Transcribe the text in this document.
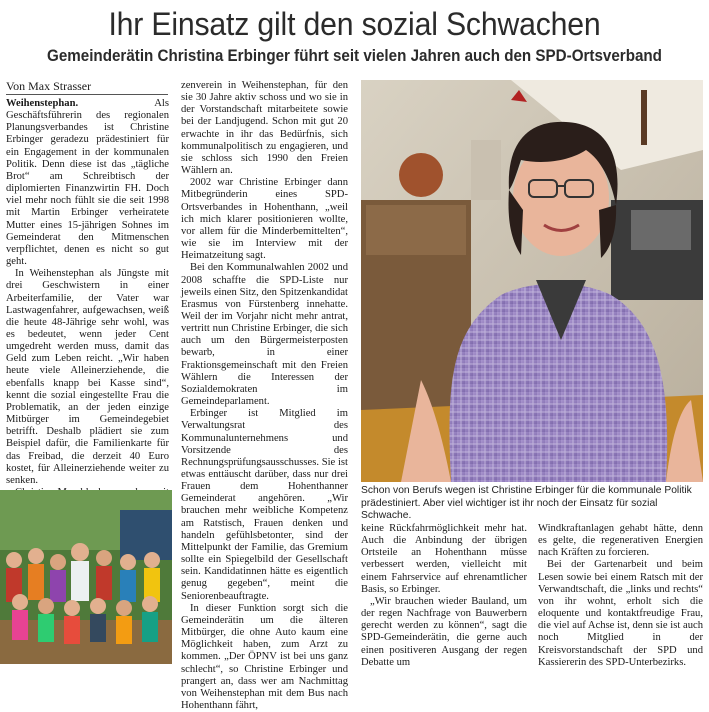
Ihr Einsatz gilt den sozial Schwachen
Gemeinderätin Christina Erbinger führt seit vielen Jahren auch den SPD-Ortsverband
Von Max Strasser

Weihenstephan.	Als Geschäftsführerin des regionalen Planungsverbandes ist Christine Erbinger geradezu prädestiniert für ein Engagement in der kommunalen Politik. Denn diese ist das „tägliche Brot“ am Schreibtisch der diplomierten Finanzwirtin FH. Doch viel mehr noch fühlt sie die seit 1998 mit Martin Erbinger verheiratete Mutter eines 15-jährigen Sohnes im Gemeinderat den Mitmenschen verpflichtet, denen es nicht so gut geht.

In Weihenstephan als Jüngste mit drei Geschwistern in einer Arbeiterfamilie, der Vater war Lastwagenfahrer, aufgewachsen, weiß die heute 48-Jährige sehr wohl, was es bedeutet, wenn jeder Cent umgedreht werden muss, damit das Geld zum Leben reicht. „Wir haben heute viele Alleinerziehende, die ebenfalls knapp bei Kasse sind“, kennt die sozial eingestellte Frau die Problematik, an der jeden einzige Mitbürger im Gemeindegebiet betrifft. Deshalb plädiert sie zum Beispiel dafür, die Familienkarte für das Freibad, die derzeit 40 Euro kostet, für Alleinerziehende weiter zu senken.

zenverein in Weihenstephan, für den sie 30 Jahre aktiv schoss und wo sie in der Vorstandschaft mitarbeitete sowie bei der Landjugend. Schon mit gut 20 erwachte in ihr das Bedürfnis, sich kommunalpolitisch zu engagieren, und sie schloss sich 1990 den Freien Wählern an.

2002 war Christine Erbinger dann Mitbegründerin eines SPD-Ortsverbandes in Hohenthann, „weil ich mich klarer positionieren wollte, vor allem für die Minderbemittelten“, wie sie im Interview mit der Heimatzeitung sagt.

Bei den Kommunalwahlen 2002 und 2008 schaffte die SPD-Liste nur jeweils einen Sitz, den Spitzenkandidat Erasmus von Fürstenberg innehatte. Weil der im Vorjahr nicht mehr antrat, vertritt nun Christine Erbinger, die sich auch um den Bürgermeisterposten bewarb, in einer Fraktionsgemeinschaft mit den Freien Wählern die Interessen der Sozialdemokraten im Gemeindeparlament.

Erbinger ist Mitglied im Verwaltungsrat des Kommunalunternehmens und Vorsitzende des Rechnungsprüfungsausschusses. Sie ist etwas enttäuscht darüber, dass nur drei Frauen dem Hohenthanner Gemeinderat angehören. „Wir brauchen mehr weibliche Kompetenz am Ratstisch, Frauen denken und handeln gefühlsbetonter, sind der Mittelpunkt der Familie, das Gremium sollte ein Spiegelbild der Gesellschaft sein. Kandidatinnen hätte es eigentlich genug gegeben“, meint die Seniorenbeauftragte.

In dieser Funktion sorgt sich die Gemeinderätin um die älteren Mitbürger, die ohne Auto kaum eine Möglichkeit haben, zum Arzt zu kommen. „Der ÖPNV ist bei uns ganz schlecht“, so Christine Erbinger und prangert an, dass wer am Nachmittag von Weihenstephan mit dem Bus nach Hohenthann fährt,

Schon von Berufs wegen ist Christine Erbinger für die kommunale Politik prädestiniert. Aber viel wichtiger ist ihr noch der Einsatz für sozial Schwache.

keine Rückfahrmöglichkeit mehr hat. Auch die Anbindung der übrigen Ortsteile an Hohenthann müsse verbessert werden, vielleicht mit einem Fahrservice auf ehrenamtlicher Basis, so Erbinger.

„Wir brauchen wieder Bauland, um der regen Nachfrage von Bauwerbern gerecht werden zu können“, sagt die SPD-Gemeinderätin, die gerne auch einen positiveren Ausgang der regen Debatte um

Windkraftanlagen gehabt hätte, denn es gelte, die regenerativen Energien nach Kräften zu forcieren.

Bei der Gartenarbeit und beim Lesen sowie bei einem Ratsch mit der Verwandtschaft, die „links und rechts“ von ihr wohnt, erholt sich die eloquente und kontaktfreudige Frau, die viel auf Achse ist, denn sie ist auch noch Mitglied in der Kreisvorstandschaft der SPD und Kassiererin des SPD-Unterbezirks.
